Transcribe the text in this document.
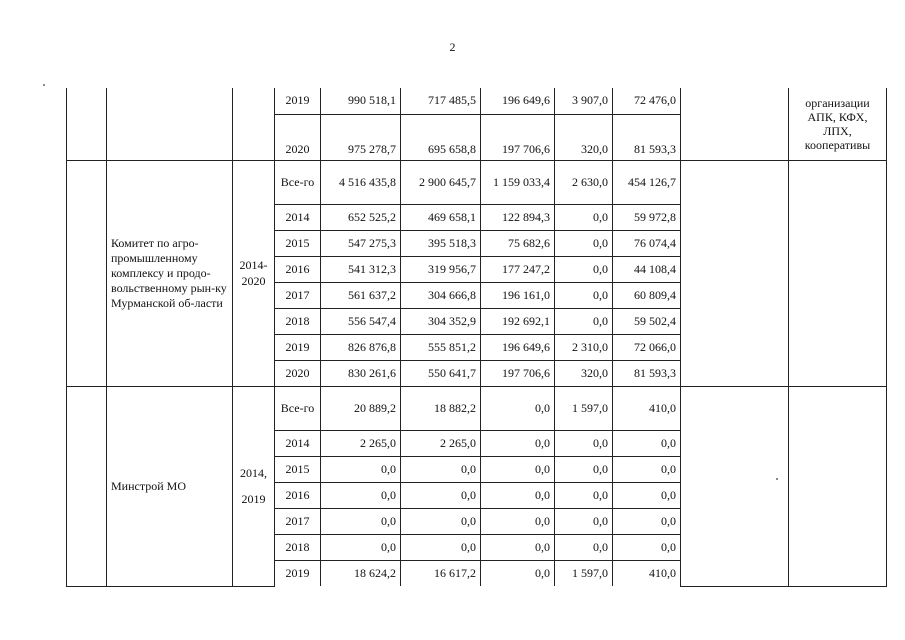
2
			2019	990 518,1	717 485,5	196 649,6	3 907,0	72 476,0		организации АПК, КФХ, ЛПХ, кооперативы
			2020	975 278,7	695 658,8	197 706,6	320,0	81 593,3		
	Комитет по агро-промышленному комплексу и продо-вольственному рын-ку Мурманской об-ласти	2014-2020	Все-го	4 516 435,8	2 900 645,7	1 159 033,4	2 630,0	454 126,7		
			2014	652 525,2	469 658,1	122 894,3	0,0	59 972,8		
			2015	547 275,3	395 518,3	75 682,6	0,0	76 074,4		
			2016	541 312,3	319 956,7	177 247,2	0,0	44 108,4		
			2017	561 637,2	304 666,8	196 161,0	0,0	60 809,4		
			2018	556 547,4	304 352,9	192 692,1	0,0	59 502,4		
			2019	826 876,8	555 851,2	196 649,6	2 310,0	72 066,0		
			2020	830 261,6	550 641,7	197 706,6	320,0	81 593,3		
	Минстрой МО	2014, 2019	Все-го	20 889,2	18 882,2	0,0	1 597,0	410,0		
			2014	2 265,0	2 265,0	0,0	0,0	0,0		
			2015	0,0	0,0	0,0	0,0	0,0		
			2016	0,0	0,0	0,0	0,0	0,0		
			2017	0,0	0,0	0,0	0,0	0,0		
			2018	0,0	0,0	0,0	0,0	0,0		
			2019	18 624,2	16 617,2	0,0	1 597,0	410,0		
